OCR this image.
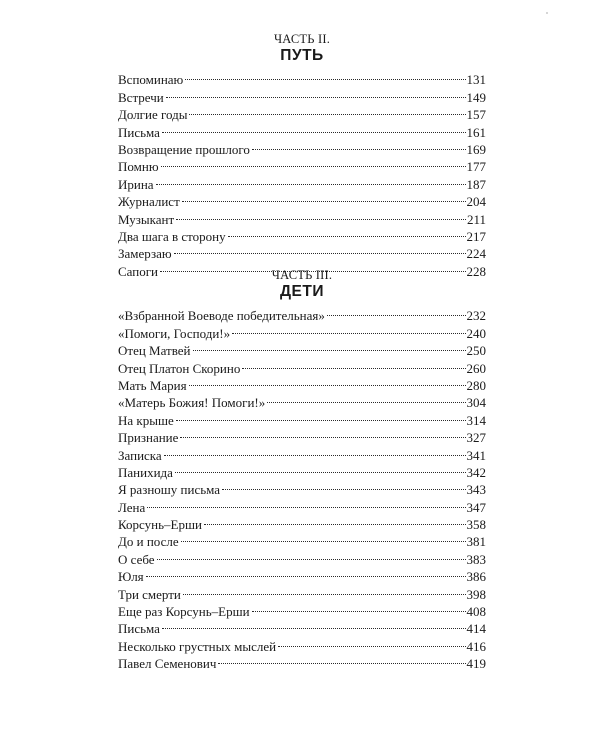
ЧАСТЬ II.
ПУТЬ
Вспоминаю	131
Встречи	149
Долгие годы	157
Письма	161
Возвращение прошлого	169
Помню	177
Ирина	187
Журналист	204
Музыкант	211
Два шага в сторону	217
Замерзаю	224
Сапоги	228
ЧАСТЬ III.
ДЕТИ
«Взбранной Воеводе победительная»	232
«Помоги, Господи!»	240
Отец Матвей	250
Отец Платон Скорино	260
Мать Мария	280
«Матерь Божия! Помоги!»	304
На крыше	314
Признание	327
Записка	341
Панихида	342
Я разношу письма	343
Лена	347
Корсунь–Ерши	358
До и после	381
О себе	383
Юля	386
Три смерти	398
Еще раз Корсунь–Ерши	408
Письма	414
Несколько грустных мыслей	416
Павел Семенович	419
